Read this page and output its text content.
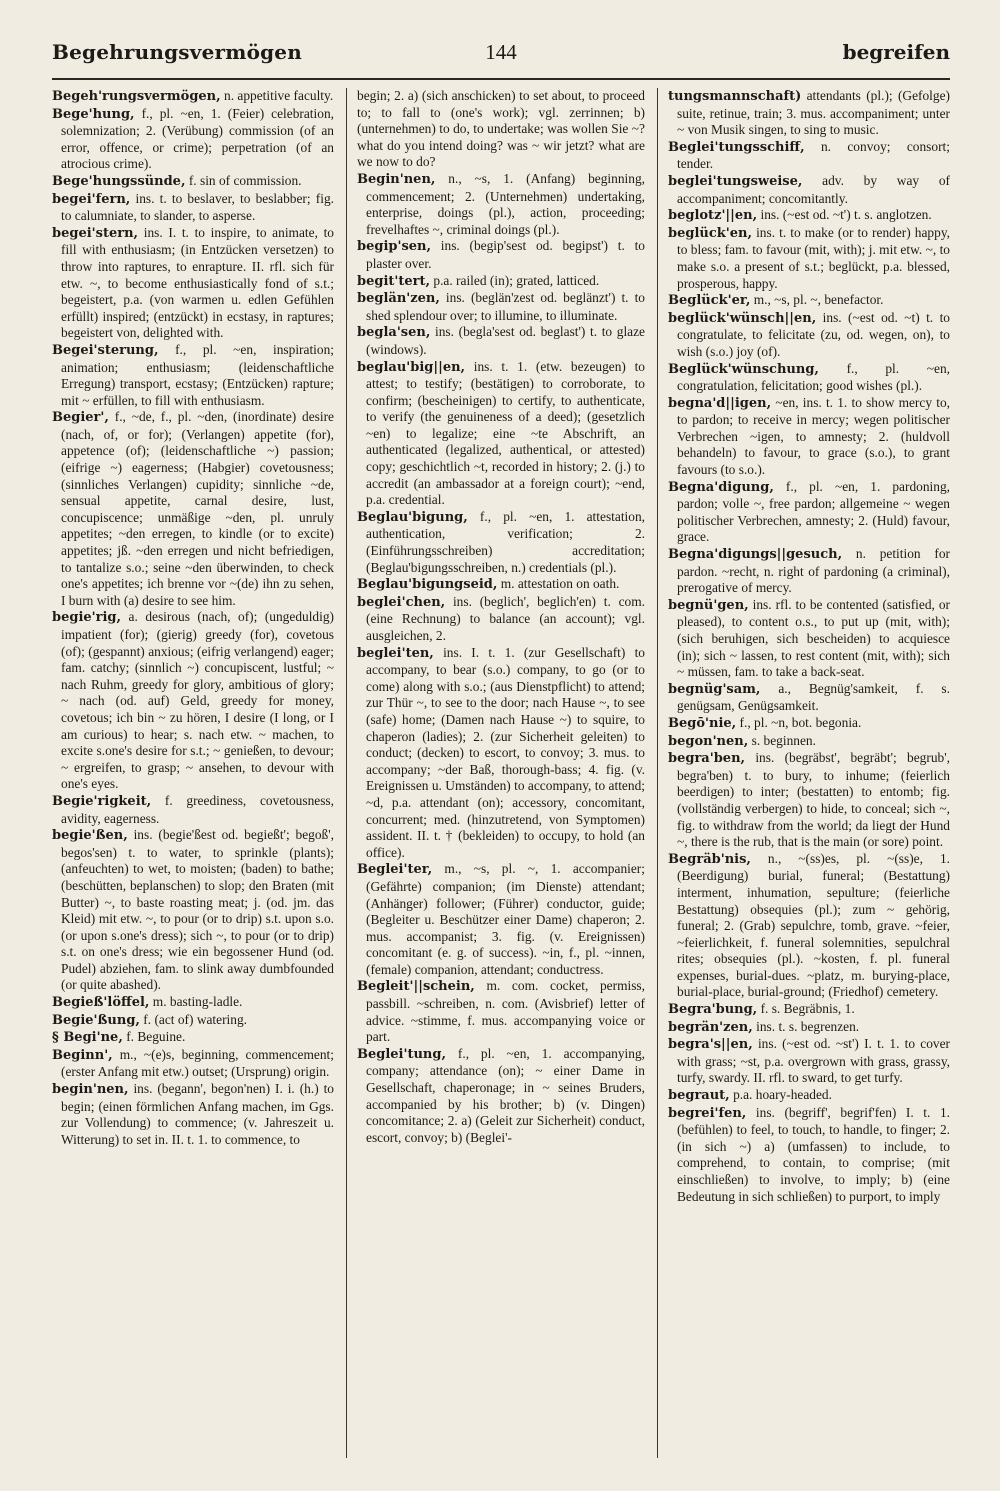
Begehrungsvermögen	144	begreifen

Begeh'rungsvermögen, n. appetitive faculty.

Bege'hung, f., pl. ~en, 1. (Feier) celebration, solemnization; 2. (Verübung) commission (of an error, offence, or crime); perpetration (of an atrocious crime).

Bege'hungssünde, f. sin of commission.

begei'fern, ins. t. to beslaver, to beslabber; fig. to calumniate, to slander, to asperse.

begei'stern, ins. I. t. to inspire, to animate, to fill with enthusiasm; (in Entzücken versetzen) to throw into raptures, to enrapture. II. rfl. sich für etw. ~, to become enthusiastically fond of s.t.; begeistert, p.a. (von warmen u. edlen Gefühlen erfüllt) inspired; (entzückt) in ecstasy, in raptures; begeistert von, delighted with.

Begei'sterung, f., pl. ~en, inspiration; animation; enthusiasm; (leidenschaftliche Erregung) transport, ecstasy; (Entzücken) rapture; mit ~ erfüllen, to fill with enthusiasm.

Begier', f., ~de, f., pl. ~den, (inordinate) desire (nach, of, or for); (Verlangen) appetite (for), appetence (of); (leidenschaftliche ~) passion; (eifrige ~) eagerness; (Habgier) covetousness; (sinnliches Verlangen) cupidity; sinnliche ~de, sensual appetite, carnal desire, lust, concupiscence; unmäßige ~den, pl. unruly appetites; ~den erregen, to kindle (or to excite) appetites; jß. ~den erregen und nicht befriedigen, to tantalize s.o.; seine ~den überwinden, to check one's appetites; ich brenne vor ~(de) ihn zu sehen, I burn with (a) desire to see him.

begie'rig, a. desirous (nach, of); (ungeduldig) impatient (for); (gierig) greedy (for), covetous (of); (gespannt) anxious; (eifrig verlangend) eager; fam. catchy; (sinnlich ~) concupiscent, lustful; ~ nach Ruhm, greedy for glory, ambitious of glory; ~ nach (od. auf) Geld, greedy for money, covetous; ich bin ~ zu hören, I desire (I long, or I am curious) to hear; s. nach etw. ~ machen, to excite s.one's desire for s.t.; ~ genießen, to devour; ~ ergreifen, to grasp; ~ ansehen, to devour with one's eyes.

Begie'rigkeit, f. greediness, covetousness, avidity, eagerness.

begie'ßen, ins. (begie'ßest od. begießt'; begoß', begos'sen) t. to water, to sprinkle (plants); (anfeuchten) to wet, to moisten; (baden) to bathe; (beschütten, beplanschen) to slop; den Braten (mit Butter) ~, to baste roasting meat; j. (od. jm. das Kleid) mit etw. ~, to pour (or to drip) s.t. upon s.o. (or upon s.one's dress); sich ~, to pour (or to drip) s.t. on one's dress; wie ein begossener Hund (od. Pudel) abziehen, fam. to slink away dumbfounded (or quite abashed).

Begieß'löffel, m. basting-ladle.

Begie'ßung, f. (act of) watering.

§ Begi'ne, f. Beguine.

Beginn', m., ~(e)s, beginning, commencement; (erster Anfang mit etw.) outset; (Ursprung) origin.

begin'nen, ins. (begann', begon'nen) I. i. (h.) to begin; (einen förmlichen Anfang machen, im Ggs. zur Vollendung) to commence; (v. Jahreszeit u. Witterung) to set in. II. t. 1. to commence, to

begin; 2. a) (sich anschicken) to set about, to proceed to; to fall to (one's work); vgl. zerrinnen; b) (unternehmen) to do, to undertake; was wollen Sie ~? what do you intend doing? was ~ wir jetzt? what are we now to do?

Begin'nen, n., ~s, 1. (Anfang) beginning, commencement; 2. (Unternehmen) undertaking, enterprise, doings (pl.), action, proceeding; frevelhaftes ~, criminal doings (pl.).

begip'sen, ins. (begip'sest od. begipst') t. to plaster over.

begit'tert, p.a. railed (in); grated, latticed.

beglän'zen, ins. (beglän'zest od. beglänzt') t. to shed splendour over; to illumine, to illuminate.

begla'sen, ins. (begla'sest od. beglast') t. to glaze (windows).

beglau'big||en, ins. t. 1. (etw. bezeugen) to attest; to testify; (bestätigen) to corroborate, to confirm; (bescheinigen) to certify, to authenticate, to verify (the genuineness of a deed); (gesetzlich ~en) to legalize; eine ~te Abschrift, an authenticated (legalized, authentical, or attested) copy; geschichtlich ~t, recorded in history; 2. (j.) to accredit (an ambassador at a foreign court); ~end, p.a. credential.

Beglau'bigung, f., pl. ~en, 1. attestation, authentication, verification; 2. (Einführungsschreiben) accreditation; (Beglau'bigungsschreiben, n.) credentials (pl.).

Beglau'bigungseid, m. attestation on oath.

beglei'chen, ins. (beglich', beglich'en) t. com. (eine Rechnung) to balance (an account); vgl. ausgleichen, 2.

beglei'ten, ins. I. t. 1. (zur Gesellschaft) to accompany, to bear (s.o.) company, to go (or to come) along with s.o.; (aus Dienstpflicht) to attend; zur Thür ~, to see to the door; nach Hause ~, to see (safe) home; (Damen nach Hause ~) to squire, to chaperon (ladies); 2. (zur Sicherheit geleiten) to conduct; (decken) to escort, to convoy; 3. mus. to accompany; ~der Baß, thorough-bass; 4. fig. (v. Ereignissen u. Umständen) to accompany, to attend; ~d, p.a. attendant (on); accessory, concomitant, concurrent; med. (hinzutretend, von Symptomen) assident. II. t. † (bekleiden) to occupy, to hold (an office).

Beglei'ter, m., ~s, pl. ~, 1. accompanier; (Gefährte) companion; (im Dienste) attendant; (Anhänger) follower; (Führer) conductor, guide; (Begleiter u. Beschützer einer Dame) chaperon; 2. mus. accompanist; 3. fig. (v. Ereignissen) concomitant (e. g. of success). ~in, f., pl. ~innen, (female) companion, attendant; conductress.

Begleit'||schein, m. com. cocket, permiss, passbill. ~schreiben, n. com. (Avisbrief) letter of advice. ~stimme, f. mus. accompanying voice or part.

Beglei'tung, f., pl. ~en, 1. accompanying, company; attendance (on); ~ einer Dame in Gesellschaft, chaperonage; in ~ seines Bruders, accompanied by his brother; b) (v. Dingen) concomitance; 2. a) (Geleit zur Sicherheit) conduct, escort, convoy; b) (Beglei'-

tungsmannschaft) attendants (pl.); (Gefolge) suite, retinue, train; 3. mus. accompaniment; unter ~ von Musik singen, to sing to music.

Beglei'tungsschiff, n. convoy; consort; tender.

beglei'tungsweise, adv. by way of accompaniment; concomitantly.

beglotz'||en, ins. (~est od. ~t') t. s. anglotzen.

beglück'en, ins. t. to make (or to render) happy, to bless; fam. to favour (mit, with); j. mit etw. ~, to make s.o. a present of s.t.; beglückt, p.a. blessed, prosperous, happy.

Beglück'er, m., ~s, pl. ~, benefactor.

beglück'wünsch||en, ins. (~est od. ~t) t. to congratulate, to felicitate (zu, od. wegen, on), to wish (s.o.) joy (of).

Beglück'wünschung, f., pl. ~en, congratulation, felicitation; good wishes (pl.).

begna'd||igen, ~en, ins. t. 1. to show mercy to, to pardon; to receive in mercy; wegen politischer Verbrechen ~igen, to amnesty; 2. (huldvoll behandeln) to favour, to grace (s.o.), to grant favours (to s.o.).

Begna'digung, f., pl. ~en, 1. pardoning, pardon; volle ~, free pardon; allgemeine ~ wegen politischer Verbrechen, amnesty; 2. (Huld) favour, grace.

Begna'digungs||gesuch, n. petition for pardon. ~recht, n. right of pardoning (a criminal), prerogative of mercy.

begnü'gen, ins. rfl. to be contented (satisfied, or pleased), to content o.s., to put up (mit, with); (sich beruhigen, sich bescheiden) to acquiesce (in); sich ~ lassen, to rest content (mit, with); sich ~ müssen, fam. to take a back-seat.

begnüg'sam, a., Begnüg'samkeit, f. s. genügsam, Genügsamkeit.

Begō'nie, f., pl. ~n, bot. begonia.

begon'nen, s. beginnen.

begra'ben, ins. (begräbst', begräbt'; begrub', begra'ben) t. to bury, to inhume; (feierlich beerdigen) to inter; (bestatten) to entomb; fig. (vollständig verbergen) to hide, to conceal; sich ~, fig. to withdraw from the world; da liegt der Hund ~, there is the rub, that is the main (or sore) point.

Begräb'nis, n., ~(ss)es, pl. ~(ss)e, 1. (Beerdigung) burial, funeral; (Bestattung) interment, inhumation, sepulture; (feierliche Bestattung) obsequies (pl.); zum ~ gehörig, funeral; 2. (Grab) sepulchre, tomb, grave. ~feier, ~feierlichkeit, f. funeral solemnities, sepulchral rites; obsequies (pl.). ~kosten, f. pl. funeral expenses, burial-dues. ~platz, m. burying-place, burial-place, burial-ground; (Friedhof) cemetery.

Begra'bung, f. s. Begräbnis, 1.

begrän'zen, ins. t. s. begrenzen.

begra's||en, ins. (~est od. ~st') I. t. 1. to cover with grass; ~st, p.a. overgrown with grass, grassy, turfy, swardy. II. rfl. to sward, to get turfy.

begraut, p.a. hoary-headed.

begrei'fen, ins. (begriff', begrif'fen) I. t. 1. (befühlen) to feel, to touch, to handle, to finger; 2. (in sich ~) a) (umfassen) to include, to comprehend, to contain, to comprise; (mit einschließen) to involve, to imply; b) (eine Bedeutung in sich schließen) to purport, to imply
